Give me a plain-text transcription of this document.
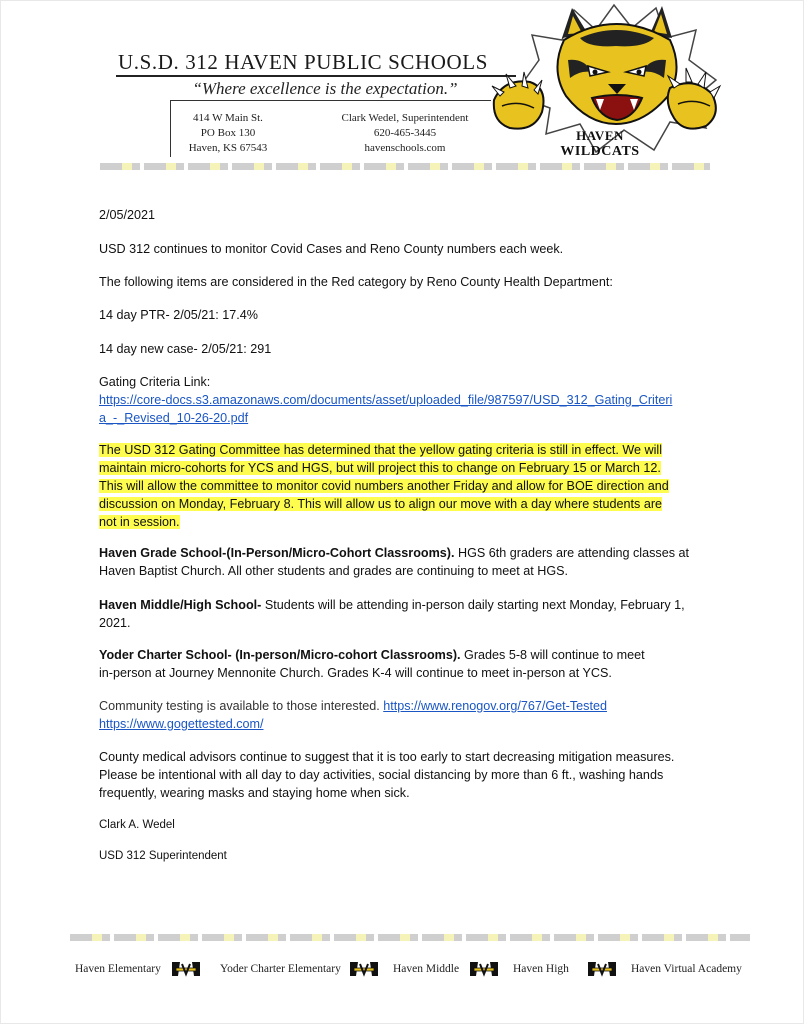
U.S.D. 312 HAVEN PUBLIC SCHOOLS
“Where excellence is the expectation.”
414 W Main St.
PO Box 130
Haven, KS 67543
Clark Wedel, Superintendent
620-465-3445
havenschools.com
HAVEN
WILDCATS
2/05/2021
USD 312 continues to monitor Covid Cases and Reno County numbers each week.
The following items are considered in the Red category by Reno County Health Department:
14 day PTR- 2/05/21: 17.4%
14 day new case- 2/05/21: 291

Gating Criteria Link:

https://core-docs.s3.amazonaws.com/documents/asset/uploaded_file/987597/USD_312_Gating_Criteri

a_-_Revised_10-26-20.pdf

The USD 312 Gating Committee has determined that the yellow gating criteria is still in effect. We will

maintain micro-cohorts for YCS and HGS, but will project this to change on February 15 or March 12.

This will allow the committee to monitor covid numbers another Friday and allow for BOE direction and

discussion on Monday, February 8. This will allow us to align our move with a day where students are

not in session.

Haven Grade School-(In-Person/Micro-Cohort Classrooms). HGS 6th graders are attending classes at

Haven Baptist Church. All other students and grades are continuing to meet at HGS.

Haven Middle/High School- Students will be attending in-person daily starting next Monday, February 1,

2021.

Yoder Charter School- (In-person/Micro-cohort Classrooms). Grades 5-8 will continue to meet

in-person at Journey Mennonite Church. Grades K-4 will continue to meet in-person at YCS.

Community testing is available to those interested. https://www.renogov.org/767/Get-Tested

https://www.gogettested.com/

County medical advisors continue to suggest that it is too early to start decreasing mitigation measures.

Please be intentional with all day to day activities, social distancing by more than 6 ft., washing hands

frequently, wearing masks and staying home when sick.

Clark A. Wedel
USD 312 Superintendent
Haven Elementary	Yoder Charter Elementary	Haven Middle	Haven High	Haven Virtual Academy
